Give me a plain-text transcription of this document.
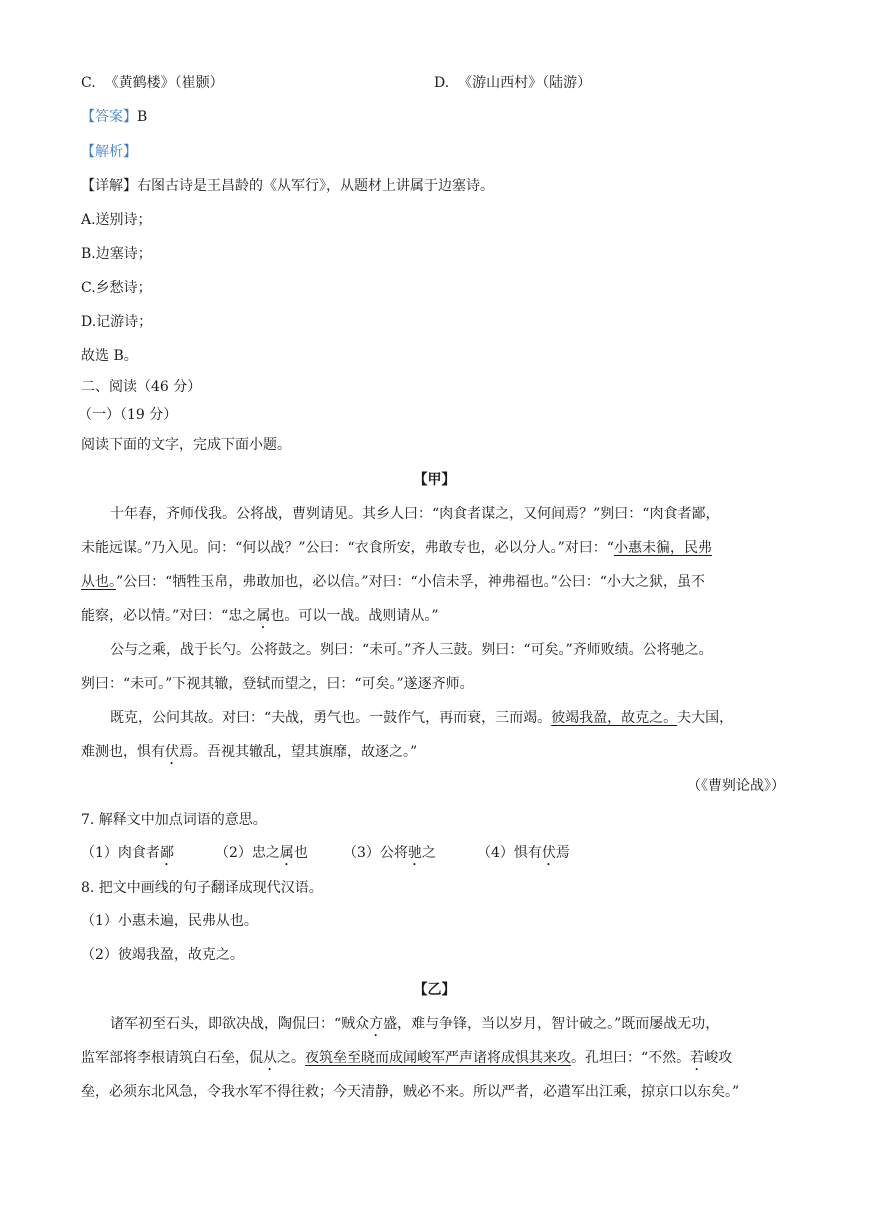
C.  《黄鹤楼》（崔颢）	D.  《游山西村》（陆游）
【答案】B
【解析】
【详解】右图古诗是王昌龄的《从军行》，从题材上讲属于边塞诗。
A.送别诗；
B.边塞诗；
C.乡愁诗；
D.记游诗；
故选 B。
二、阅读（46 分）
（一）（19 分）
阅读下面的文字，完成下面小题。
【甲】
十年春，齐师伐我。公将战，曹刿请见。其乡人曰：“肉食者谋之，又何间焉？”刿曰：“肉食者鄙，
未能远谋。”乃入见。问：“何以战？”公曰：“衣食所安，弗敢专也，必以分人。”对曰：“小惠未徧，民弗
从也。”公曰：“牺牲玉帛，弗敢加也，必以信。”对曰：“小信未孚，神弗福也。”公曰：“小大之狱，虽不
能察，必以情。”对曰：“忠之属也。可以一战。战则请从。”
公与之乘，战于长勺。公将鼓之。刿曰：“未可。”齐人三鼓。刿曰：“可矣。”齐师败绩。公将驰之。
刿曰：“未可。”下视其辙，登轼而望之，曰：“可矣。”遂逐齐师。
既克，公问其故。对曰：“夫战，勇气也。一鼓作气，再而衰，三而竭。彼竭我盈，故克之。夫大国，
难测也，惧有伏焉。吾视其辙乱，望其旗靡，故逐之。”
（《曹刿论战》）
7. 解释文中加点词语的意思。
（1）肉食者鄙	（2）忠之属也	（3）公将驰之	（4）惧有伏焉
8. 把文中画线的句子翻译成现代汉语。
（1）小惠未遍，民弗从也。
（2）彼竭我盈，故克之。
【乙】
诸军初至石头，即欲决战，陶侃曰：“贼众方盛，难与争锋，当以岁月，智计破之。”既而屡战无功，
监军部将李根请筑白石垒，侃从之。夜筑垒至晓而成闻峻军严声诸将成惧其来攻。孔坦曰：“不然。若峻攻
垒，必须东北风急，令我水军不得往救；今天清静，贼必不来。所以严者，必遣军出江乘，掠京口以东矣。”
